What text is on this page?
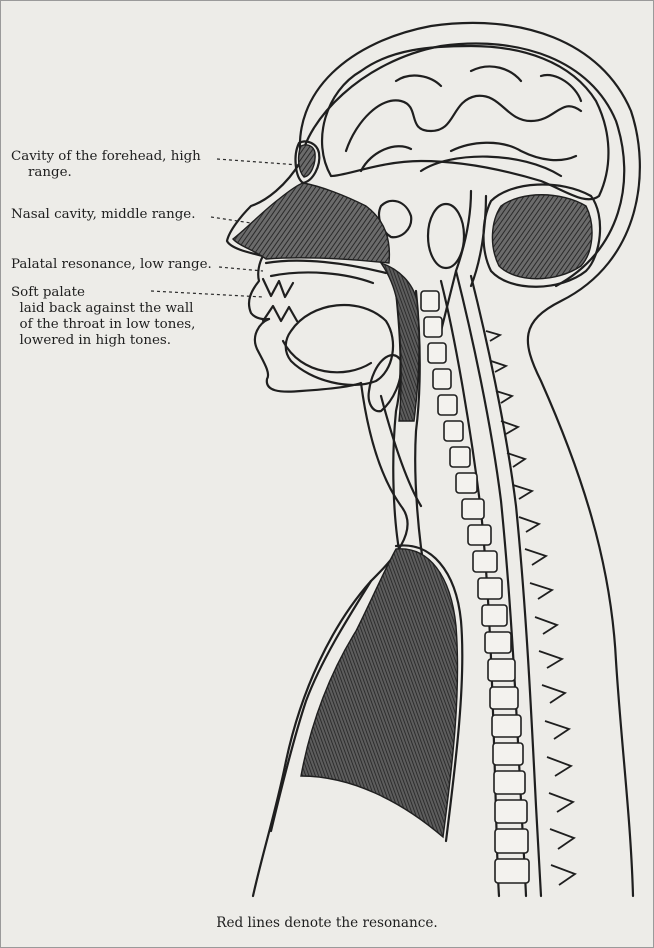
Cavity of the forehead, high
range.
Nasal cavity, middle range.
Palatal resonance, low range.
Soft palate
laid back against the wall
of the throat in low tones,
lowered in high tones.
Red lines denote the resonance.
